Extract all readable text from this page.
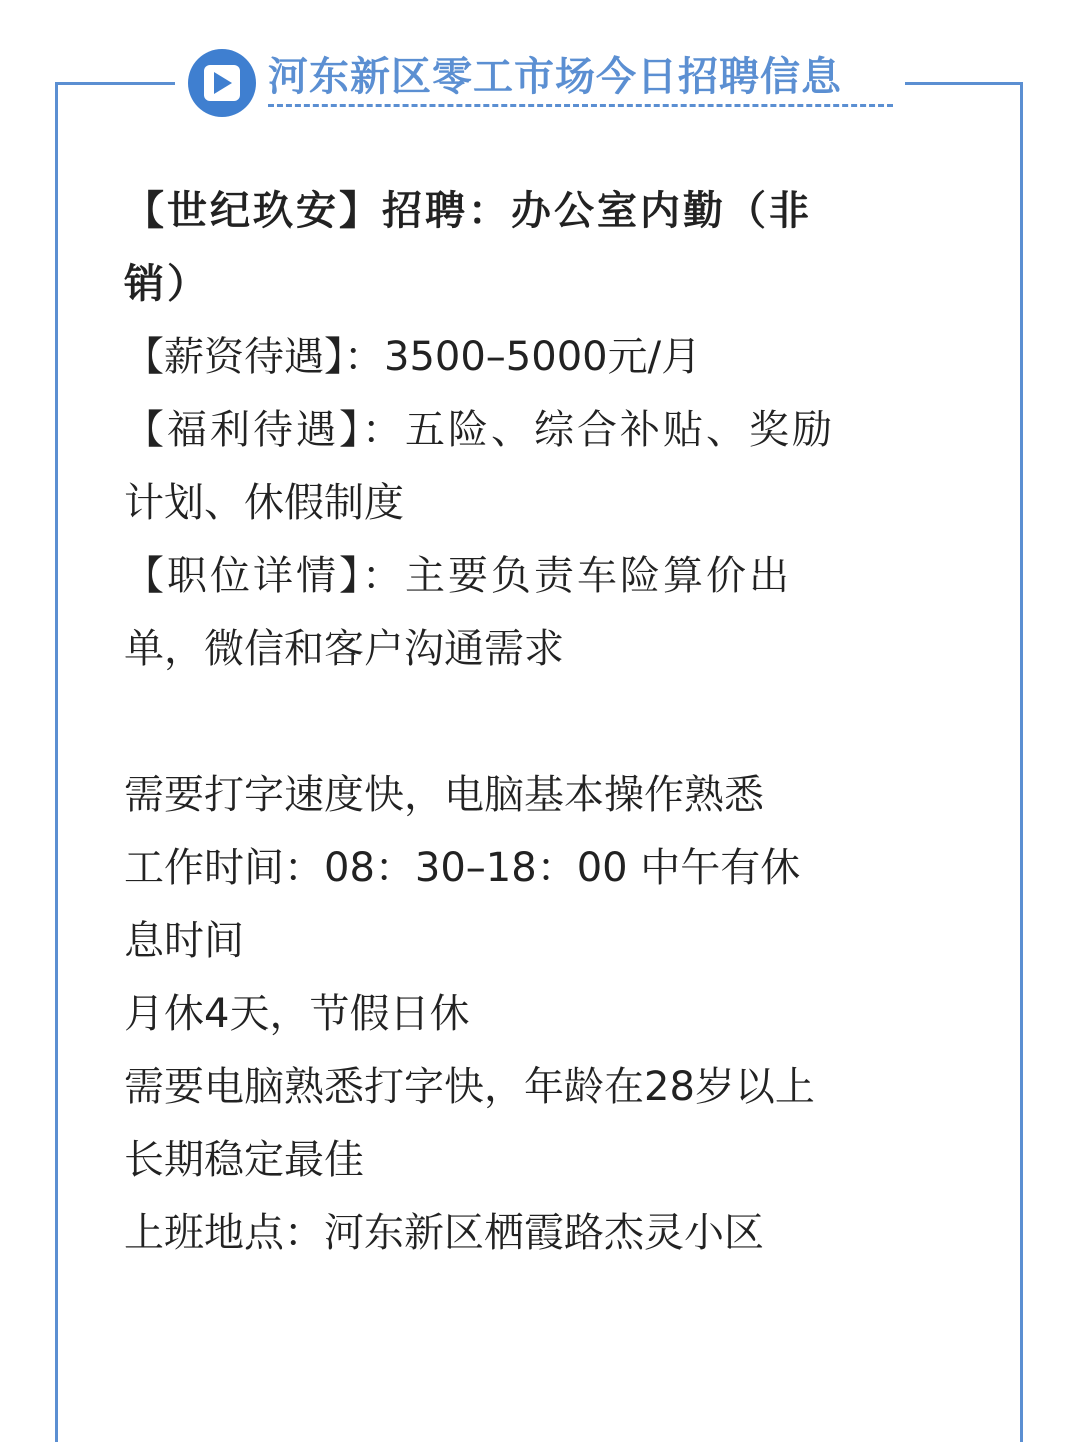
河东新区零工市场今日招聘信息
【世纪玖安】招聘：办公室内勤（非
销）
【薪资待遇】：3500–5000元/月
【福利待遇】：五险、综合补贴、奖励
计划、休假制度
【职位详情】：主要负责车险算价出
单，微信和客户沟通需求
需要打字速度快，电脑基本操作熟悉
工作时间：08：30–18：00 中午有休
息时间
月休4天，节假日休
需要电脑熟悉打字快，年龄在28岁以上
长期稳定最佳
上班地点：河东新区栖霞路杰灵小区
